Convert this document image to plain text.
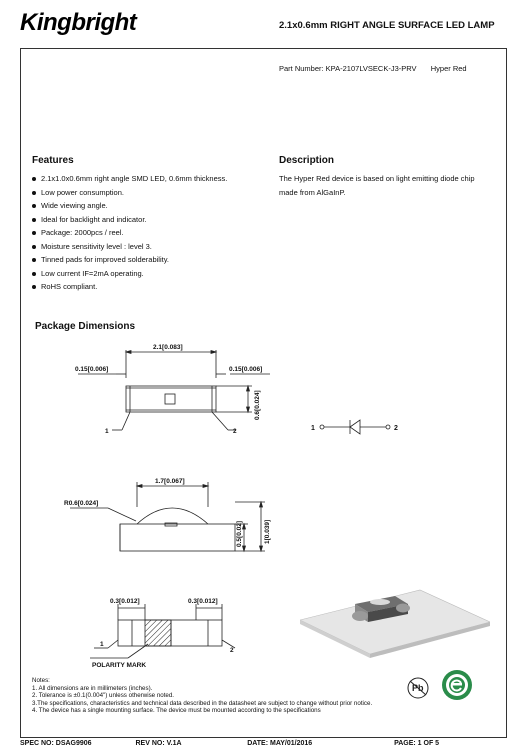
Kingbright	2.1x0.6mm RIGHT ANGLE SURFACE LED LAMP
Part Number: KPA-2107LVSECK-J3-PRV Hyper Red
Features
2.1x1.0x0.6mm right angle SMD LED, 0.6mm thickness.
Low power consumption.
Wide viewing angle.
Ideal for backlight and indicator.
Package: 2000pcs / reel.
Moisture sensitivity level : level 3.
Tinned pads for improved solderability.
Low current IF=2mA operating.
RoHS compliant.
Description
The Hyper Red device is based on light emitting diode chip made from AlGaInP.
Package Dimensions
2.1[0.083]
0.15[0.006]	0.15[0.006]
0.6[0.024]
1	2	1	2
1.7[0.067]
R0.6[0.024]
0.5[0.02]	1[0.039]
0.3[0.012]	0.3[0.012]
1
2
POLARITY MARK
Notes:
1. All dimensions are in millimeters (inches).
2. Tolerance is ±0.1(0.004") unless otherwise noted.
3.The specifications, characteristics and technical data described in the datasheet are subject to change without prior notice.
4. The device has a single mounting surface. The device must be mounted according to the specifications
Pb
SPEC NO: DSAG9906	REV NO: V.1A	DATE: MAY/01/2016	PAGE: 1 OF 5
